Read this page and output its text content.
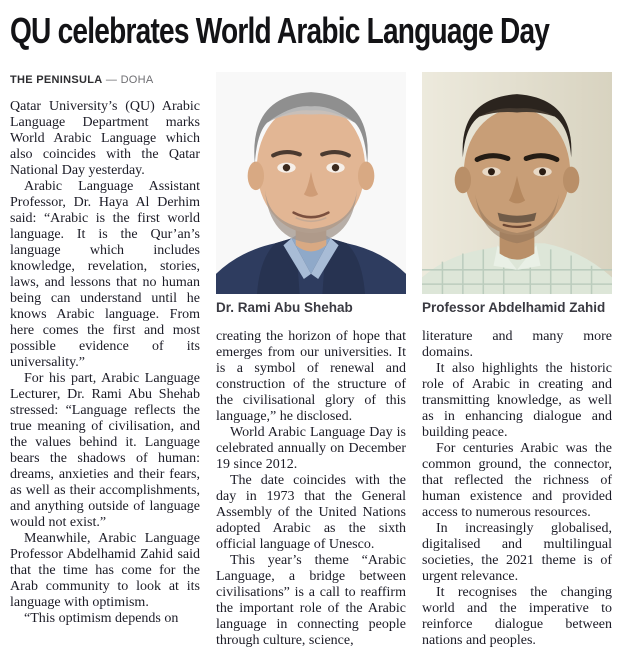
QU celebrates World Arabic Language Day
THE PENINSULA — DOHA

Qatar University’s (QU) Arabic Language Department marks World Arabic Language which also coincides with the Qatar National Day yesterday.

Arabic Language Assistant Professor, Dr. Haya Al Derhim said: “Arabic is the first world language. It is the Qur’an’s language which includes knowledge, revelation, stories, laws, and lessons that no human being can understand until he knows Arabic language. From here comes the first and most possible evidence of its universality.”

For his part, Arabic Language Lecturer, Dr. Rami Abu Shehab stressed: “Language reflects the true meaning of civilisation, and the values behind it. Language bears the shadows of human: dreams, anxieties and their fears, as well as their accomplishments, and anything outside of language would not exist.”

Meanwhile, Arabic Language Professor Abdelhamid Zahid said that the time has come for the Arab community to look at its language with optimism.

“This optimism depends on

Dr. Rami Abu Shehab

creating the horizon of hope that emerges from our universities. It is a symbol of renewal and construction of the structure of the civilisational glory of this language,” he disclosed.

World Arabic Language Day is celebrated annually on December 19 since 2012.

The date coincides with the day in 1973 that the General Assembly of the United Nations adopted Arabic as the sixth official language of Unesco.

This year’s theme “Arabic Language, a bridge between civilisations” is a call to reaffirm the important role of the Arabic language in connecting people through culture, science,

Professor Abdelhamid Zahid

literature and many more domains.

It also highlights the historic role of Arabic in creating and transmitting knowledge, as well as in enhancing dialogue and building peace.

For centuries Arabic was the common ground, the connector, that reflected the richness of human existence and provided access to numerous resources.

In increasingly globalised, digitalised and multilingual societies, the 2021 theme is of urgent relevance.

It recognises the changing world and the imperative to reinforce dialogue between nations and peoples.
